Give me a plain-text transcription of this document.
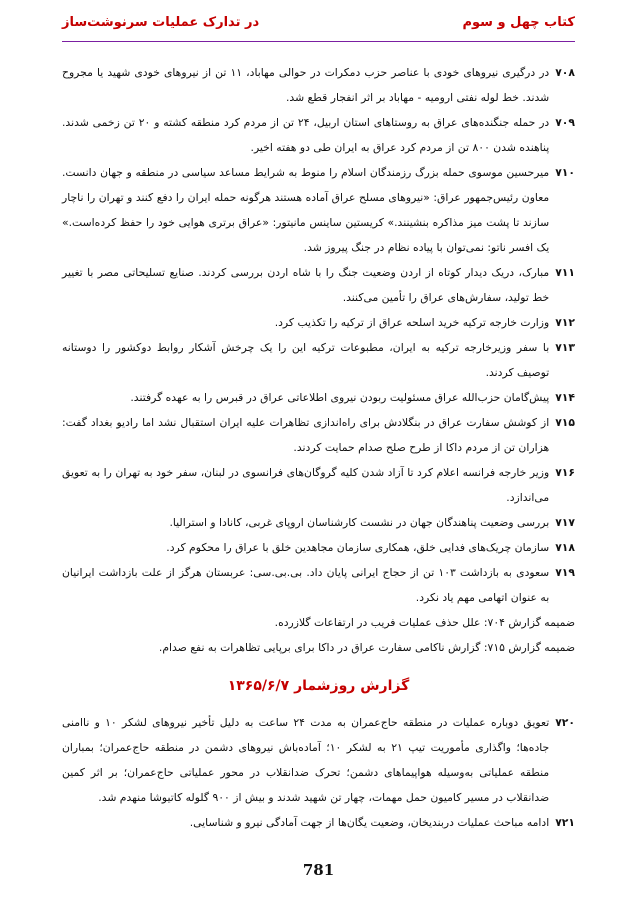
کتاب چهل و سوم
در تدارک عملیات سرنوشت‌ساز
۷۰۸
در درگیری نیروهای خودی با عناصر حزب دمکرات در حوالی مهاباد، ۱۱ تن از نیروهای خودی شهید یا مجروح شدند. خط لوله نفتی ارومیه - مهاباد بر اثر انفجار قطع شد.
۷۰۹
در حمله جنگنده‌های عراق به روستاهای استان اربیل، ۲۴ تن از مردم کرد منطقه کشته و ۲۰ تن زخمی شدند. پناهنده شدن ۸۰۰ تن از مردم کرد عراق به ایران طی دو هفته اخیر.
۷۱۰
میرحسین موسوی حمله بزرگ رزمندگان اسلام را منوط به شرایط مساعد سیاسی در منطقه و جهان دانست. معاون رئیس‌جمهور عراق: «نیروهای مسلح عراق آماده هستند هرگونه حمله ایران را دفع کنند و تهران را ناچار سازند تا پشت میز مذاکره بنشینند.» کریستین ساینس مانیتور: «عراق برتری هوایی خود را حفظ کرده‌است.» یک افسر ناتو: نمی‌توان با پیاده نظام در جنگ پیروز شد.
۷۱۱
مبارک، دریک دیدار کوتاه از اردن وضعیت جنگ را با شاه اردن بررسی کردند. صنایع تسلیحاتی مصر با تغییر خط تولید، سفارش‌های عراق را تأمین می‌کنند.
۷۱۲
وزارت خارجه ترکیه خرید اسلحه عراق از ترکیه را تکذیب کرد.
۷۱۳
با سفر وزیرخارجه ترکیه به ایران، مطبوعات ترکیه این را یک چرخش آشکار روابط دوکشور را دوستانه توصیف کردند.
۷۱۴
پیش‌گامان حزب‌الله عراق مسئولیت ربودن نیروی اطلاعاتی عراق در قبرس را به عهده گرفتند.
۷۱۵
از کوشش سفارت عراق در بنگلادش برای راه‌اندازی تظاهرات علیه ایران استقبال نشد اما رادیو بغداد گفت: هزاران تن از مردم داکا از طرح صلح صدام حمایت کردند.
۷۱۶
وزیر خارجه فرانسه اعلام کرد تا آزاد شدن کلیه گروگان‌های فرانسوی در لبنان، سفر خود به تهران را به تعویق می‌اندازد.
۷۱۷
بررسی وضعیت پناهندگان جهان در نشست کارشناسان اروپای غربی، کانادا و استرالیا.
۷۱۸
سازمان چریک‌های فدایی خلق، همکاری سازمان مجاهدین خلق با عراق را محکوم کرد.
۷۱۹
سعودی به بازداشت ۱۰۳ تن از حجاج ایرانی پایان داد. بی.بی.سی: عربستان هرگز از علت بازداشت ایرانیان به عنوان اتهامی مهم یاد نکرد.
ضمیمه گزارش ۷۰۴: علل حذف عملیات فریب در ارتفاعات گلازرده.
ضمیمه گزارش ۷۱۵: گزارش ناکامی سفارت عراق در داکا برای برپایی تظاهرات به نفع صدام.
گزارش روزشمار ۱۳۶۵/۶/۷
۷۲۰
تعویق دوباره عملیات در منطقه حاج‌عمران به مدت ۲۴ ساعت به دلیل تأخیر نیروهای لشکر ۱۰ و ناامنی جاده‌ها؛ واگذاری مأموریت تیپ ۲۱ به لشکر ۱۰؛ آماده‌باش نیروهای دشمن در منطقه حاج‌عمران؛ بمباران منطقه عملیاتی به‌وسیله هواپیماهای دشمن؛ تحرک ضدانقلاب در محور عملیاتی حاج‌عمران؛ بر اثر کمین ضدانقلاب در مسیر کامیون حمل مهمات، چهار تن شهید شدند و بیش از ۹۰۰ گلوله کاتیوشا منهدم شد.
۷۲۱
ادامه مباحث عملیات دربندیخان، وضعیت یگان‌ها از جهت آمادگی نیرو و شناسایی.
781
